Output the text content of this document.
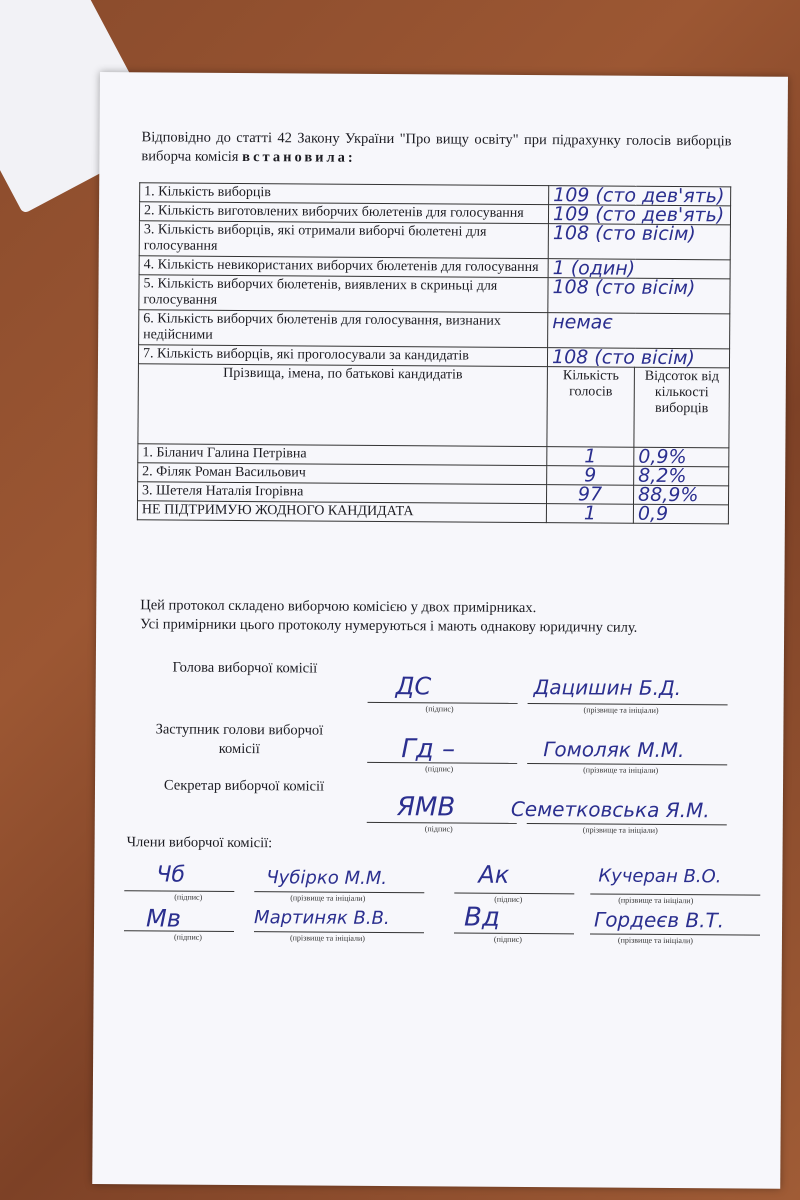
Відповідно до статті 42 Закону України "Про вищу освіту" при підрахунку голосів виборців виборча комісія встановила:
1. Кількість виборців	109 (сто дев'ять)	
2. Кількість виготовлених виборчих бюлетенів для голосування	109 (сто дев'ять)	
3. Кількість виборців, які отримали виборчі бюлетені для голосування	108 (сто вісім)	
4. Кількість невикористаних виборчих бюлетенів для голосування	1 (один)	
5. Кількість виборчих бюлетенів, виявлених в скриньці для голосування	108 (сто вісім)	
6. Кількість виборчих бюлетенів для голосування, визнаних недійсними	немає	
7. Кількість виборців, які проголосували за кандидатів	108 (сто вісім)	
Прізвища, імена, по батькові кандидатів	Кількість голосів	Відсоток від кількості виборців
1. Біланич Галина Петрівна	1	0,9%
2. Філяк Роман Васильович	9	8,2%
3. Шетеля Наталія Ігорівна	97	88,9%
НЕ ПІДТРИМУЮ ЖОДНОГО КАНДИДАТА	1	0,9
Цей протокол складено виборчою комісією у двох примірниках.
Усі примірники цього протоколу нумеруються і мають однакову юридичну силу.
Голова виборчої комісії
ДС
(підпис)
Дацишин Б.Д.
(прізвище та ініціали)
Заступник голови виборчої комісії	Гд –
(підпис)
Гомоляк М.М.
(прізвище та ініціали)
Секретар виборчої комісії
ЯМВ
(підпис)
Семетковська Я.М.
(прізвище та ініціали)
Члени виборчої комісії:
Чб
(підпис)
Чубірко М.М.
(прізвище та ініціали)
Ак
(підпис)
Кучеран В.О.
(прізвище та ініціали)
Мв
(підпис)
Мартиняк В.В.
(прізвище та ініціали)
Вд
(підпис)
Гордеєв В.Т.
(прізвище та ініціали)
